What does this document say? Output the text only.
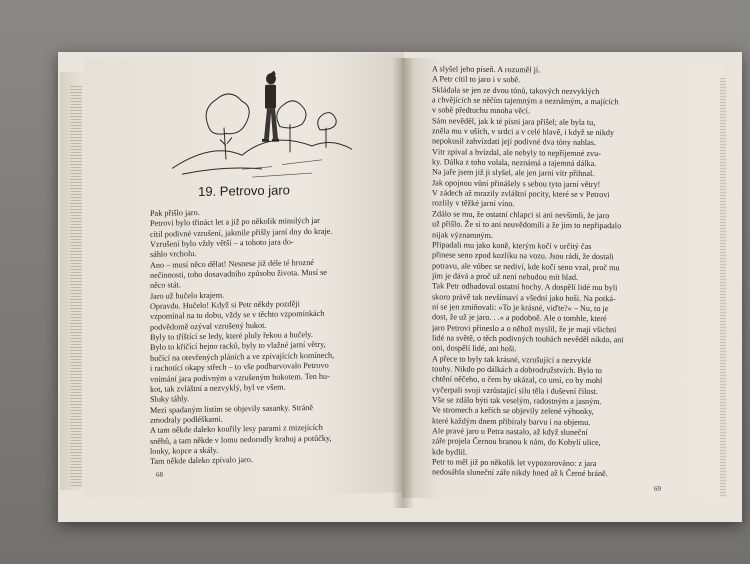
19. Petrovo jaro
Pak přišlo jaro.
Petrovi bylo třináct let a již po několik minulých jar
cítil podivné vzrušení, jakmile přišly jarní dny do kraje.
Vzrušení bylo vždy větší – a tohoto jara do-
sáhlo vrcholu.
Ano – musí něco dělat! Nesnese již déle té hrozné
nečinnosti, toho dosavadního způsobu života. Musí se
něco stát.
Jaro už hučelo krajem.
Opravdu. Hučelo! Když si Petr někdy později
vzpomínal na tu dobu, vždy se v těchto vzpomínkách
podvědomě ozýval vzrušený hukot.
Byly to tříštící se ledy, které pluly řekou a hučely.
Bylo to křičící hejno racků, byly to vlažné jarní větry,
hučící na otevřených pláních a ve zpívajících komínech,
i rachotící okapy střech – to vše podbarvovalo Petrovo
vnímání jara podivným a vzrušeným hukotem. Ten hu-
kot, tak zvláštní a nezvyklý, byl ve všem.
Sluky táhly.
Mezi spadaným listím se objevily sasanky. Stráně
zmodraly podléškami.
A tam někde daleko kouřily lesy parami z mizejících
sněhů, a tam někde v lomu nedorodly krahuj a potůčky,
louky, kopce a skály.
Tam někde daleko zpívalo jaro.
68
A slyšel jeho píseň. A rozuměl jí.
A Petr cítil to jaro i v sobě.
Skládala se jen ze dvou tónů, takových nezvyklých
a chvějících se něčím tajemným a neznámým, a majících
v sobě předtuchu mnoha věcí.
Sám nevěděl, jak k té písni jara přišel; ale byla tu,
zněla mu v uších, v srdci a v celé hlavě, i když se nikdy
nepokusil zahvízdati její podivné dva tóny nahlas.
Vítr zpíval a hvízdal, ale nebyly to nepříjemné zvu-
ky. Dálka z toho volala, neznámá a tajemná dálka.
Na jaře jsem již ji slyšel, ale jen jarní vítr přihnal.
Jak opojnou vůni přinášely s sebou tyto jarní větry!
V zádech až mrazily zvláštní pocity, které se v Petrovi
rozlily v těžké jarní víno.
Zdálo se mu, že ostatní chlapci si ani nevšimli, že jaro
už přišlo. Že si to ani neuvědomili a že jim to nepřipadalo
nijak významným.
Připadali mu jako koně, kterým kočí v určitý čas
přinese seno zpod kozlíku na vozu. Jsou rádi, že dostali
potravu, ale vůbec se nediví, kde kočí seno vzal, proč mu
jím je dává a proč už není nebudou mít hlad.
Tak Petr odhadoval ostatní hochy. A dospělí lidé mu byli
skoro právě tak nevšímaví a všední jako hoši. Na potká-
ní se jen zmiňovali: »To je krásné, viďte?« – Nu, to je
dost, že už je jaro. . .« a podobně. Ale o tomhle, které
jaro Petrovi přineslo a o něhož myslil, že je mají všichni
lidé na světě, o těch podivných touhách nevěděl nikdo, ani
oni, dospělí lidé, ani hoši.
A přece to byly tak krásné, vzrušující a nezvyklé
touhy. Nikdo po dálkách a dobrodružstvích. Bylo to
chtění něčeho, o čem by ukázal, co umí, co by mohl
vyčerpali svoji vzrůstající sílu těla i duševní čilost.
Vše se zdálo býti tak veselým, radostným a jasným.
Ve stromech a keřích se objevily zelené výhonky,
které každým dnem přibíraly barvu i na objemu.
Ale pravé jaro u Petra nastalo, až když sluneční
záře projela Černou branou k nám, do Kobylí ulice,
kde bydlil.
Petr to měl již po několik let vypozorováno: z jara
nedosáhla sluneční záře nikdy hned až k Černé bráně.
69
